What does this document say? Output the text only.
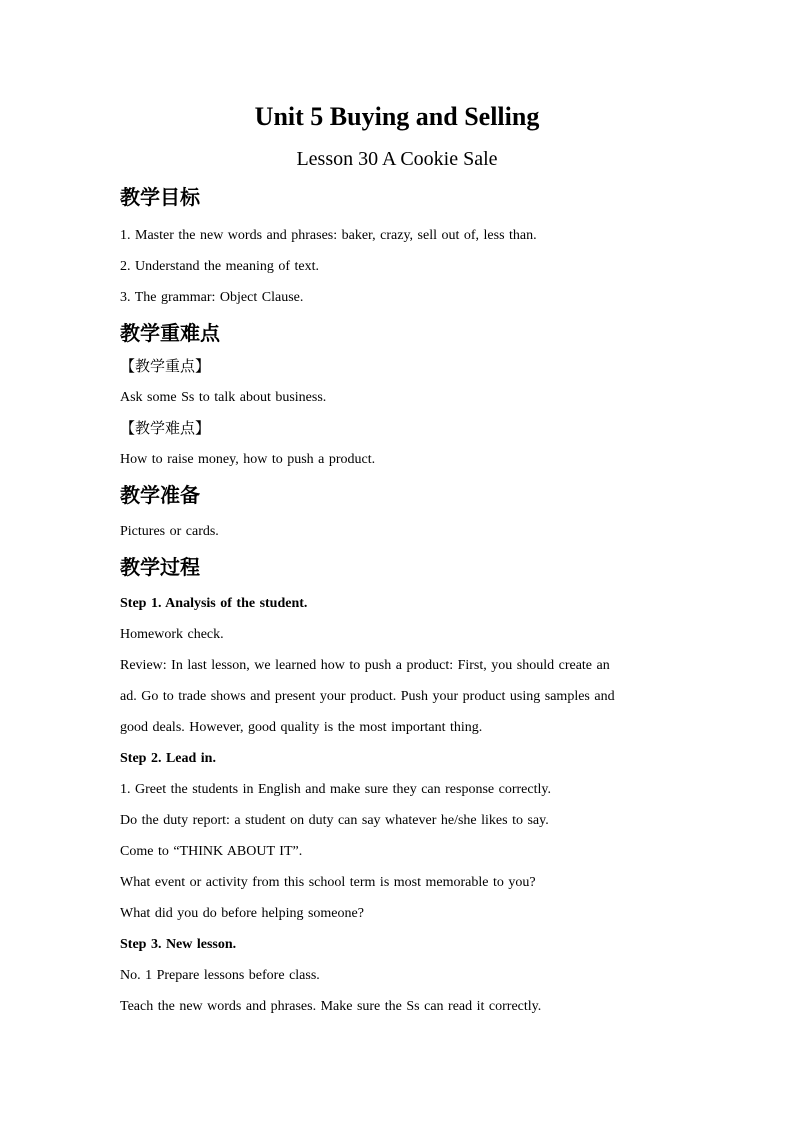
Unit 5 Buying and Selling
Lesson 30 A Cookie Sale
教学目标
1. Master the new words and phrases: baker, crazy, sell out of, less than.
2. Understand the meaning of text.
3. The grammar: Object Clause.
教学重难点
【教学重点】
Ask some Ss to talk about business.
【教学难点】
How to raise money, how to push a product.
教学准备
Pictures or cards.
教学过程
Step 1. Analysis of the student.
Homework check.
Review: In last lesson, we learned how to push a product: First, you should create an
ad. Go to trade shows and present your product. Push your product using samples and
good deals. However, good quality is the most important thing.
Step 2. Lead in.
1. Greet the students in English and make sure they can response correctly.
Do the duty report: a student on duty can say whatever he/she likes to say.
Come to “THINK ABOUT IT”.
What event or activity from this school term is most memorable to you?
What did you do before helping someone?
Step 3. New lesson.
No. 1 Prepare lessons before class.
Teach the new words and phrases. Make sure the Ss can read it correctly.
